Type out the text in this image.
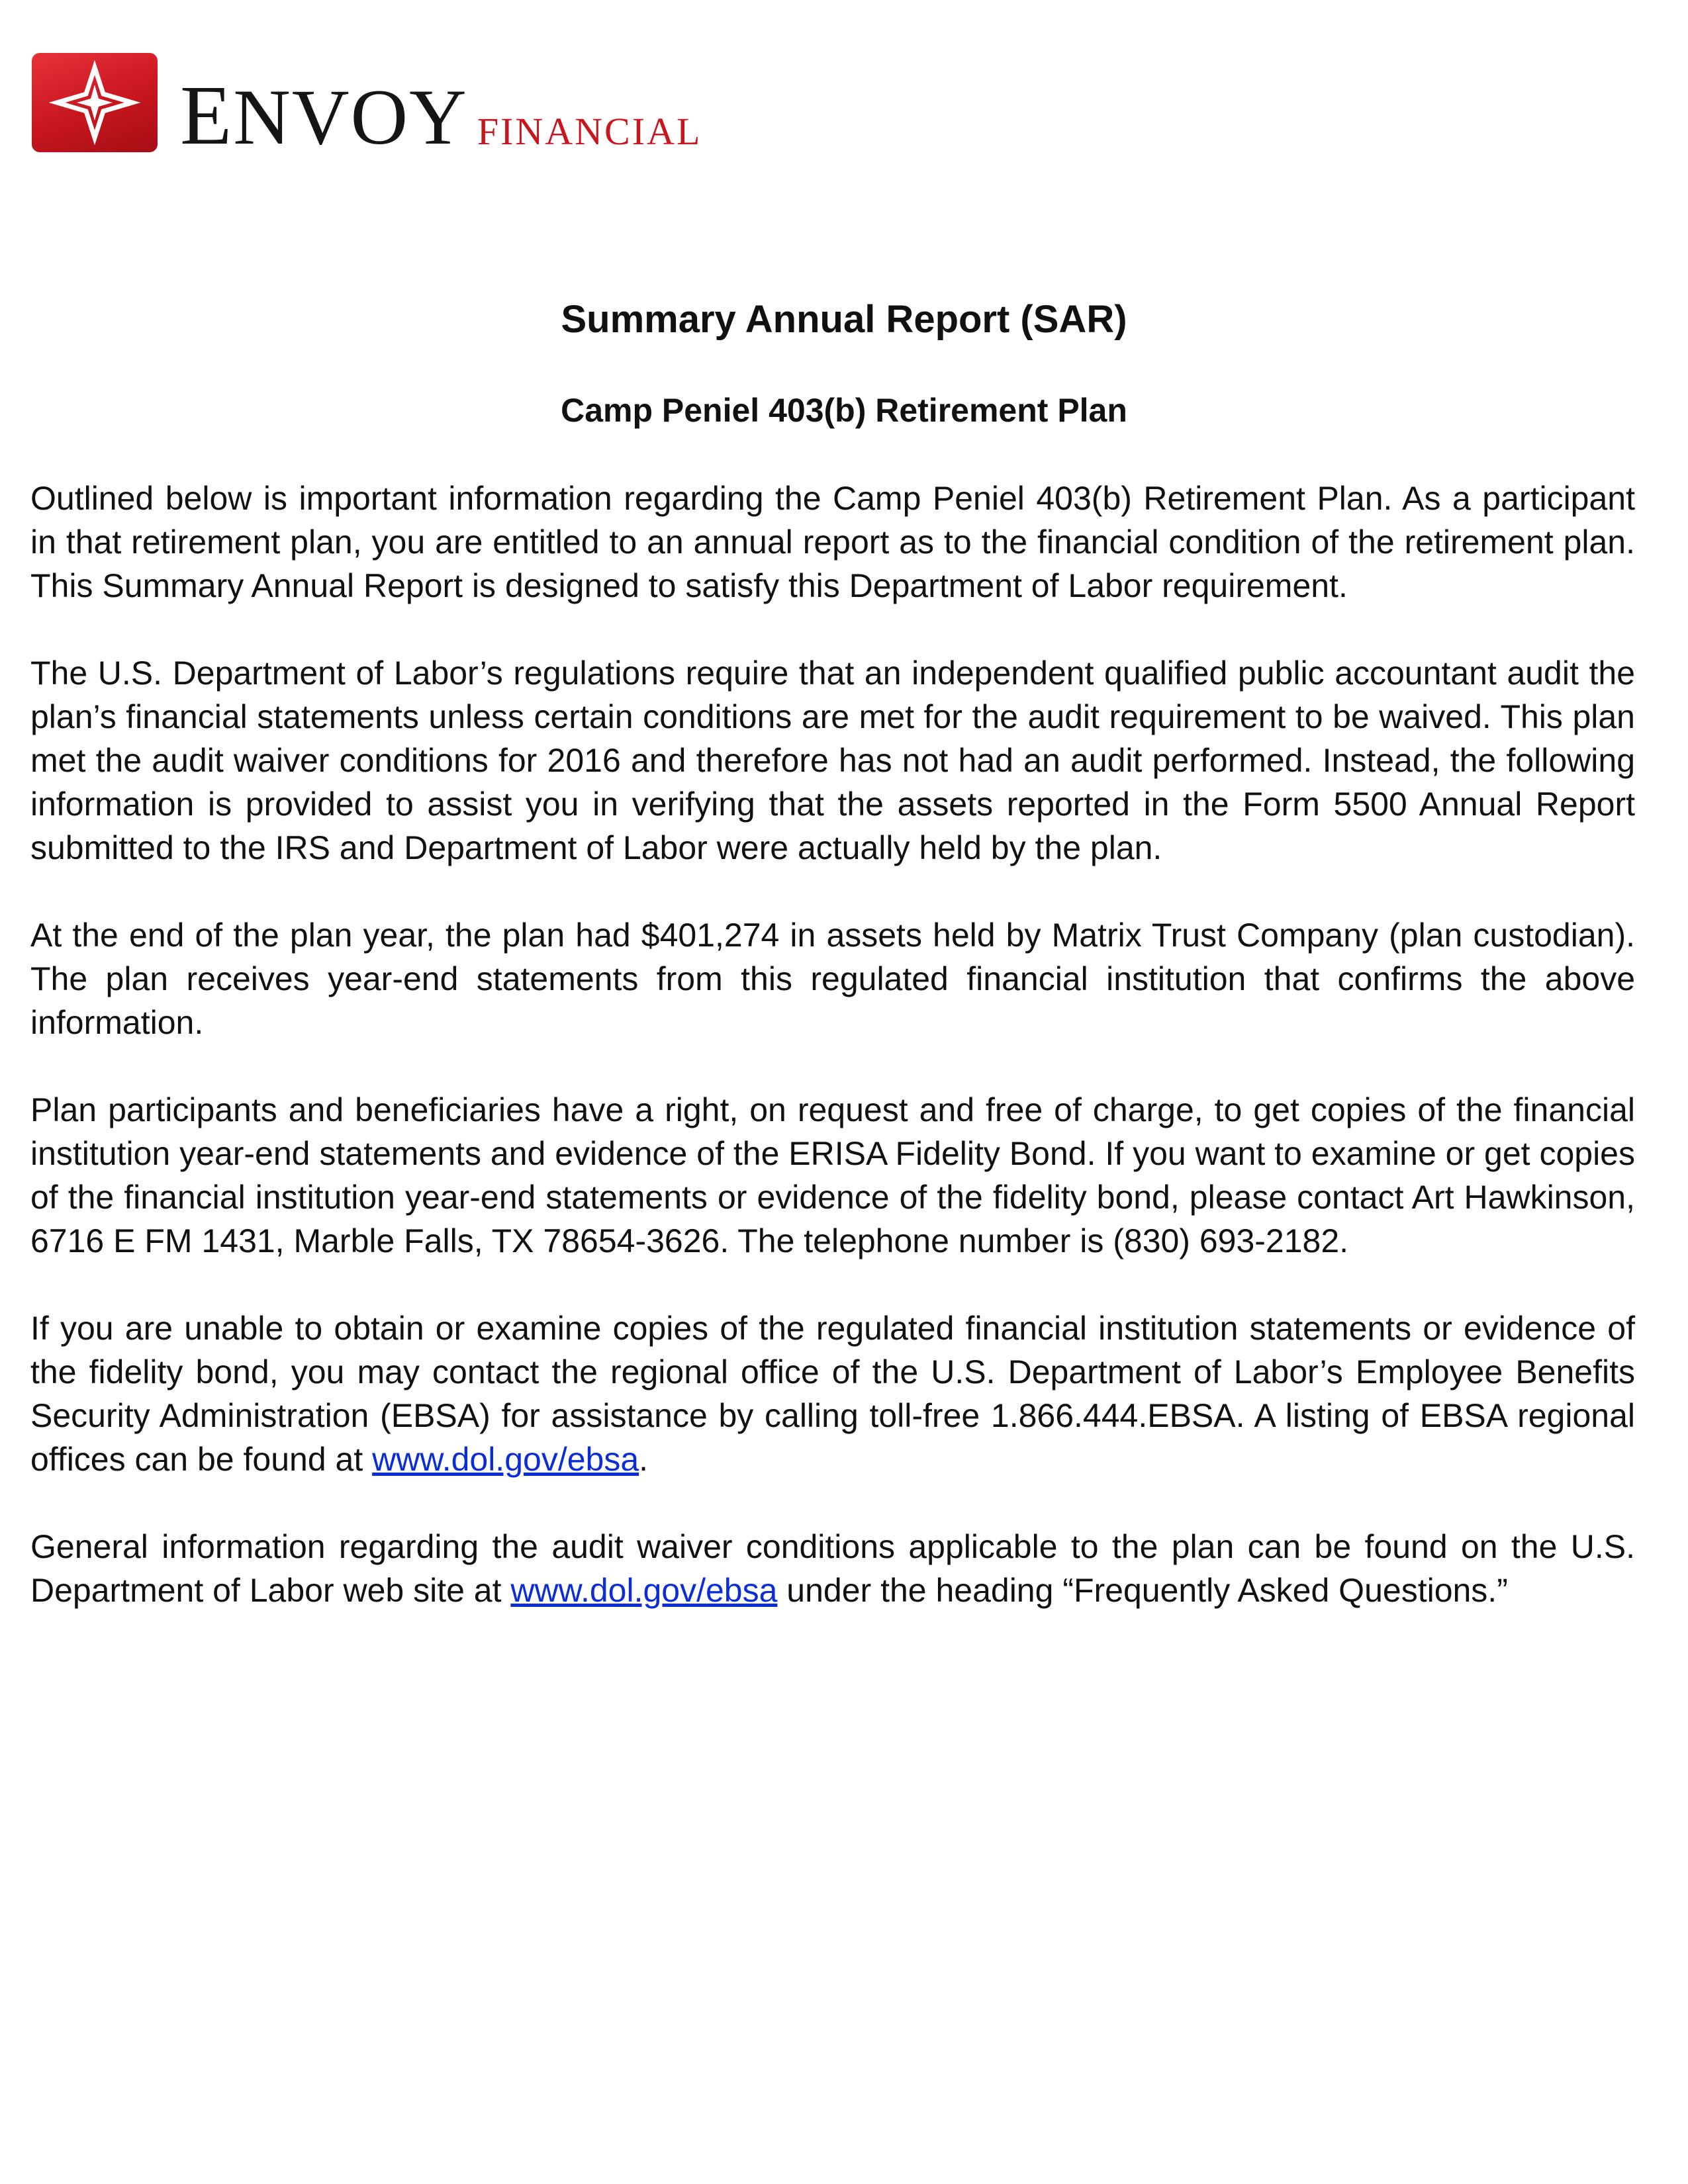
ENVOY FINANCIAL
Summary Annual Report (SAR)
Camp Peniel 403(b) Retirement Plan

Outlined below is important information regarding the Camp Peniel 403(b) Retirement Plan. As a participant in that retirement plan, you are entitled to an annual report as to the financial condition of the retirement plan. This Summary Annual Report is designed to satisfy this Department of Labor requirement.

The U.S. Department of Labor’s regulations require that an independent qualified public accountant audit the plan’s financial statements unless certain conditions are met for the audit requirement to be waived. This plan met the audit waiver conditions for 2016 and therefore has not had an audit performed. Instead, the following information is provided to assist you in verifying that the assets reported in the Form 5500 Annual Report submitted to the IRS and Department of Labor were actually held by the plan.

At the end of the plan year, the plan had $401,274 in assets held by Matrix Trust Company (plan custodian). The plan receives year-end statements from this regulated financial institution that confirms the above information.

Plan participants and beneficiaries have a right, on request and free of charge, to get copies of the financial institution year-end statements and evidence of the ERISA Fidelity Bond. If you want to examine or get copies of the financial institution year-end statements or evidence of the fidelity bond, please contact Art Hawkinson, 6716 E FM 1431, Marble Falls, TX 78654-3626. The telephone number is (830) 693-2182.

If you are unable to obtain or examine copies of the regulated financial institution statements or evidence of the fidelity bond, you may contact the regional office of the U.S. Department of Labor’s Employee Benefits Security Administration (EBSA) for assistance by calling toll-free 1.866.444.EBSA. A listing of EBSA regional offices can be found at www.dol.gov/ebsa.

General information regarding the audit waiver conditions applicable to the plan can be found on the U.S. Department of Labor web site at www.dol.gov/ebsa under the heading “Frequently Asked Questions.”
